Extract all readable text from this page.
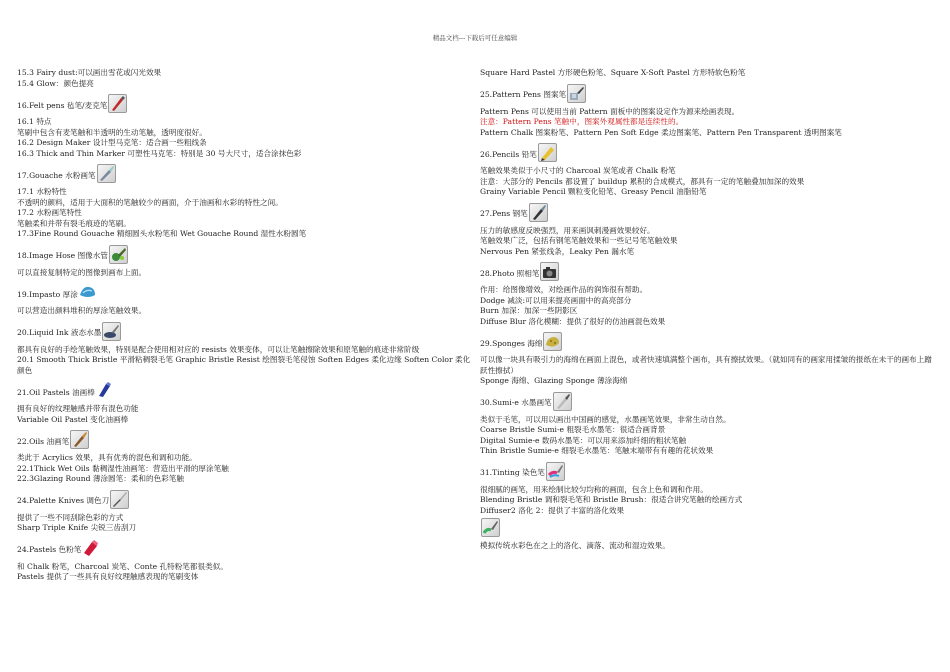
精品文档---下载后可任意编辑
15.3 Fairy dust:可以画出雪花或闪光效果
15.4 Glow：颜色提亮
16.Felt pens 毡笔/麦克笔
16.1 特点
笔刷中包含有麦笔触和半透明的生动笔触，透明度很好。
16.2 Design Maker 设计型马克笔：适合画一些粗线条
16.3 Thick and Thin Marker 可塑性马克笔：特别是 30 号大尺寸，适合涂抹色彩
17.Gouache 水粉画笔
17.1 水粉特性
不透明的颜料，适用于大面积的笔触较少的画面，介于油画和水彩的特性之间。
17.2 水粉画笔特性
笔触柔和并带有裂毛痕迹的笔刷。
17.3Fine Round Gouache 精细圆头水粉笔和 Wet Gouache Round 湿性水粉圆笔
18.Image Hose 图像水管
可以直接复制特定的图像到画布上面。
19.Impasto 厚涂
可以营造出颜料堆积的厚涂笔触效果。
20.Liquid Ink 液态水墨
都具有良好的手绘笔触效果，特别是配合使用相对应的 resists 效果变体，可以让笔触擦除效果和原笔触的痕迹非常阶级
20.1 Smooth Thick Bristle 平滑粘稠裂毛笔 Graphic Bristle Resist 绘图裂毛笔侵蚀 Soften Edges 柔化边缘 Soften Color 柔化颜色
21.Oil Pastels 油画棒
拥有良好的纹理触感并带有混色功能
Variable Oil Pastel 变化油画棒
22.Oils 油画笔
类此于 Acrylics 效果，具有优秀的混色和调和功能。
22.1Thick Wet Oils 黏稠湿性油画笔：营造出平滑的厚涂笔触
22.3Glazing Round 薄涂圆笔：柔和的色彩笔触
24.Palette Knives 调色刀
提供了一些不同刮除色彩的方式
Sharp Triple Knife 尖锐三齿刮刀
24.Pastels 色粉笔
和 Chalk 粉笔，Charcoal 炭笔、Conte 孔特粉笔都很类似。
Pastels 提供了一些具有良好纹理触感表现的笔刷变体
Square Hard Pastel 方形硬色粉笔、Square X-Soft Pastel 方形特软色粉笔
25.Pattern Pens 图案笔
Pattern Pens 可以使用当前 Pattern 面板中的图案设定作为源来绘画表现。
注意：Pattern Pens 笔触中，图案外观属性都是连续性的。
Pattern Chalk 图案粉笔、Pattern Pen Soft Edge 柔边图案笔、Pattern Pen Transparent 透明图案笔
26.Pencils 铅笔
笔触效果类似于小尺寸的 Charcoal 炭笔或者 Chalk 粉笔
注意：大部分的 Pencils 都设置了 buildup 累积的合成模式，都具有一定的笔触叠加加深的效果
Grainy Variable Pencil 颗粒变化铅笔、Greasy Pencil 油脂铅笔
27.Pens 钢笔
压力的敏感度反映强烈，用来画讽刺漫画效果较好。
笔触效果广泛，包括有钢笔笔触效果和一些记号笔笔触效果
Nervous Pen 紧张线条，Leaky Pen 漏水笔
28.Photo 照相笔
作用：给图像增效，对绘画作品的润饰很有帮助。
Dodge 减淡:可以用来提亮画面中的高亮部分
Burn 加深：加深一些阴影区
Diffuse Blur 洛化模糊：提供了很好的仿油画混色效果
29.Sponges 海绵
可以像一块具有吸引力的海绵在画面上混色，或者快速填满整个画布，具有擦拭效果。（就如同有的画家用揉皱的报纸在未干的画布上蹭跃性擦拭）
Sponge 海绵、Glazing Sponge 薄涂海绵
30.Sumi-e 水墨画笔
类似于毛笔，可以用以画出中国画的感觉，水墨画笔效果，非常生动自然。
Coarse Bristle Sumi-e 粗裂毛水墨笔：很适合画背景
Digital Sumie-e 数码水墨笔：可以用来添加纤细的粗状笔触
Thin Bristle Sumie-e 细裂毛水墨笔：笔触末端带有有趣的花状效果
31.Tinting 染色笔
很细腻的画笔，用来绘制比较匀均称的画面，包含上色和调和作用。
Blending Bristle 调和裂毛笔和 Bristle Brush：很适合讲究笔触的绘画方式
Diffuser2 洛化 2：提供了丰富的洛化效果
模拟传统水彩色在之上的洛化、滴落、流动和湿边效果。
